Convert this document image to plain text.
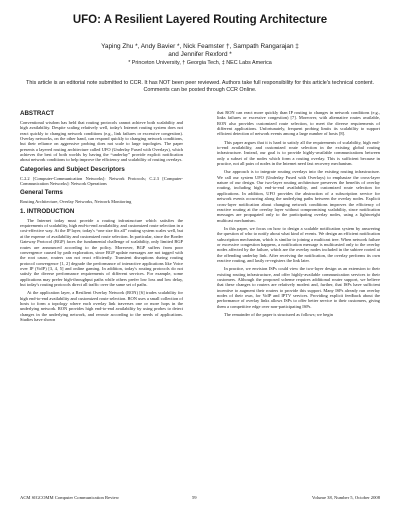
UFO: A Resilient Layered Routing Architecture
Yaping Zhu *, Andy Bavier *, Nick Feamster †, Sampath Rangarajan ‡
and Jennifer Rexford *
* Princeton University, † Georgia Tech, ‡ NEC Labs America
This article is an editorial note submitted to CCR. It has NOT been peer reviewed. Authors take full responsibility for this article's technical content. Comments can be posted through CCR Online.
ABSTRACT

Conventional wisdom has held that routing protocols cannot achieve both scalability and high availability. Despite scaling relatively well, today's Internet routing system does not react quickly to changing network conditions (e.g., link failures or excessive congestion). Overlay networks, on the other hand, can respond quickly to changing network conditions, but their reliance on aggressive probing does not scale to large topologies. The paper presents a layered routing architecture called UFO (Underlay Fused with Overlays), which achieves the best of both worlds by having the “underlay” provide explicit notification about network conditions to help improve the efficiency and scalability of routing overlays.

Categories and Subject Descriptors

C.2.2 [Computer-Communication Networks]: Network Protocols; C.2.3 [Computer-Communication Networks]: Network Operations

General Terms

Routing Architecture, Overlay Networks, Network Monitoring

1. INTRODUCTION

The Internet today must provide a routing infrastructure which satisfies the requirements of scalability, high end-to-end availability, and customized route selection in a cost-effective way. At the IP layer, today's “one size fits all” routing system scales well, but at the expense of availability and customized route selection. In particular, since the Border Gateway Protocol (BGP) faces the fundamental challenge of scalability, only limited BGP routes are announced according to the policy. Moreover, BGP suffers from poor convergence caused by path exploration, since BGP update messages are not tagged with the root cause, routers can not react efficiently. Transient disruptions during routing protocol convergence [1, 2] degrade the performance of interactive applications like Voice over IP (VoIP) [3, 4, 5] and online gaming. In addition, today's routing protocols do not satisfy the diverse performance requirements of different services. For example, some applications may prefer high-throughput paths while others prefer low loss and low delay, but today's routing protocols direct all traffic over the same set of paths.

At the application layer, a Resilient Overlay Network (RON) [6] trades scalability for high end-to-end availability and customized route selection. RON uses a small collection of hosts to form a topology where each overlay link traverses one or more hops in the underlying network. RON provides high end-to-end availability by using probes to detect changes in the underlying network, and reroute according to the needs of applications. Studies have shown

that RON can react more quickly than IP routing to changes in network conditions (e.g., links failures or excessive congestion) [7]. Moreover, with alternative routes available, RON also provides customized route selection, to meet the diverse requirements of different applications. Unfortunately, frequent probing limits its scalability to support efficient detection of network events among a large number of hosts [8].

This paper argues that it is hard to satisfy all the requirements of scalability, high end-to-end availability, and customized route selection in the existing global routing infrastructure. Instead, our goal is to provide highly-available communications between only a subset of the nodes which form a routing overlay. This is sufficient because in practice, not all pairs of nodes in the Internet need fast recovery mechanism.

Our approach is to integrate routing overlays into the existing routing infrastructure. We call our system UFO (Underlay Fused with Overlays) to emphasize the cross-layer nature of our design. Our two-layer routing architecture preserves the benefits of overlay routing, including high end-to-end availability, and customized route selection for applications. In addition, UFO provides the abstraction of a subscription service for network events occurring along the underlying paths between the overlay nodes. Explicit cross-layer notification about changing network conditions improves the efficiency of reactive routing at the overlay layer without compromising scalability, since notification messages are propagated only to the participating overlay nodes, using a lightweight multicast mechanism.

In this paper, we focus on how to design a scalable notification system by answering the question of who to notify about what kind of events. We design an efficient notification subscription mechanism, which is similar to joining a multicast tree. When network failure or excessive congestion happens, a notification message is multicasted only to the overlay nodes affected by the failure, which are the overlay nodes included in the subtree rooted at the offending underlay link. After receiving the notification, the overlay performs its own reactive routing, and lastly re-registers the link later.

In practice, we envision ISPs could view the two-layer design as an extension to their existing routing infrastructure, and offer highly-available communication services to their customers. Although the proposed scheme requires additional router support, we believe that these changes to routers are relatively modest and, further, that ISPs have sufficient incentive to augment their routers to provide this support. Many ISPs already run overlay nodes of their own, for VoIP and IPTV services. Providing explicit feedback about the performance of overlay links allows ISPs to offer better service to their customers, giving them a competitive edge over non-participating ISPs.

The remainder of the paper is structured as follows; we begin

ACM SIGCOMM Computer Communication Review	59	Volume 38, Number 5, October 2008
